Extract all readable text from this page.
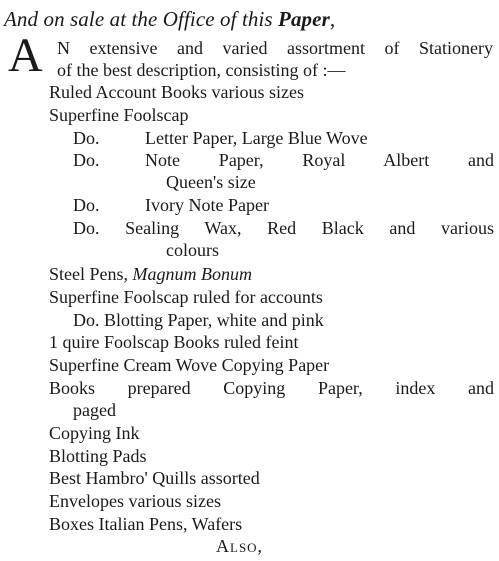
And on sale at the Office of this Paper,
A N extensive and varied assortment of Stationery
of the best description, consisting of :—
Ruled Account Books various sizes
Superfine Foolscap
Do.	Letter Paper, Large Blue Wove
Do.	Note Paper, Royal Albert and
Queen's size
Do.	Ivory Note Paper
Do. Sealing Wax, Red Black and various
colours
Steel Pens, Magnum Bonum
Superfine Foolscap ruled for accounts
Do. Blotting Paper, white and pink
1 quire Foolscap Books ruled feint
Superfine Cream Wove Copying Paper
Books prepared Copying Paper, index and
paged
Copying Ink
Blotting Pads
Best Hambro' Quills assorted
Envelopes various sizes
Boxes Italian Pens, Wafers
Also,
